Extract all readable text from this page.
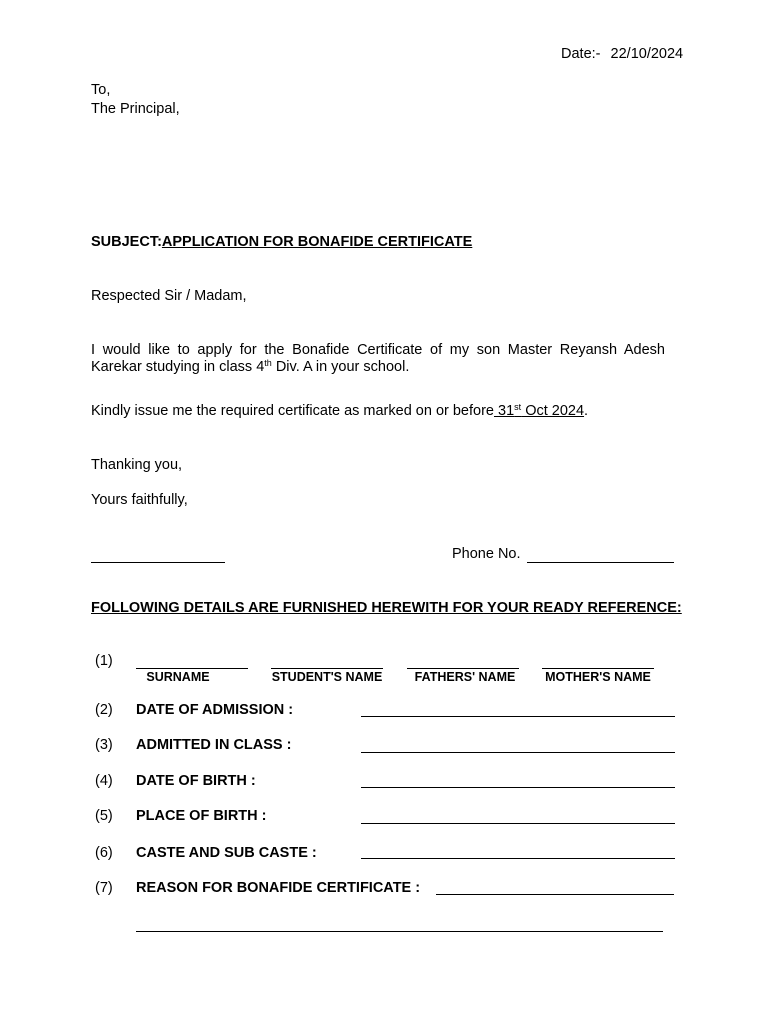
Date:- 22/10/2024
To,
The Principal,
SUBJECT:APPLICATION FOR BONAFIDE CERTIFICATE
Respected Sir / Madam,

I would like to apply for the Bonafide Certificate of my son Master Reyansh Adesh Karekar studying in class 4th Div. A in your school.

Kindly issue me the required certificate as marked on or before 31st Oct 2024.
Thanking you,
Yours faithfully,
Phone No.
FOLLOWING DETAILS ARE FURNISHED HEREWITH FOR YOUR READY REFERENCE:
(1)
SURNAME	STUDENT'S NAME	FATHERS' NAME	MOTHER'S NAME
(2) DATE OF ADMISSION :
(3) ADMITTED IN CLASS :
(4) DATE OF BIRTH :
(5) PLACE OF BIRTH :
(6) CASTE AND SUB CASTE :
(7) REASON FOR BONAFIDE CERTIFICATE :
